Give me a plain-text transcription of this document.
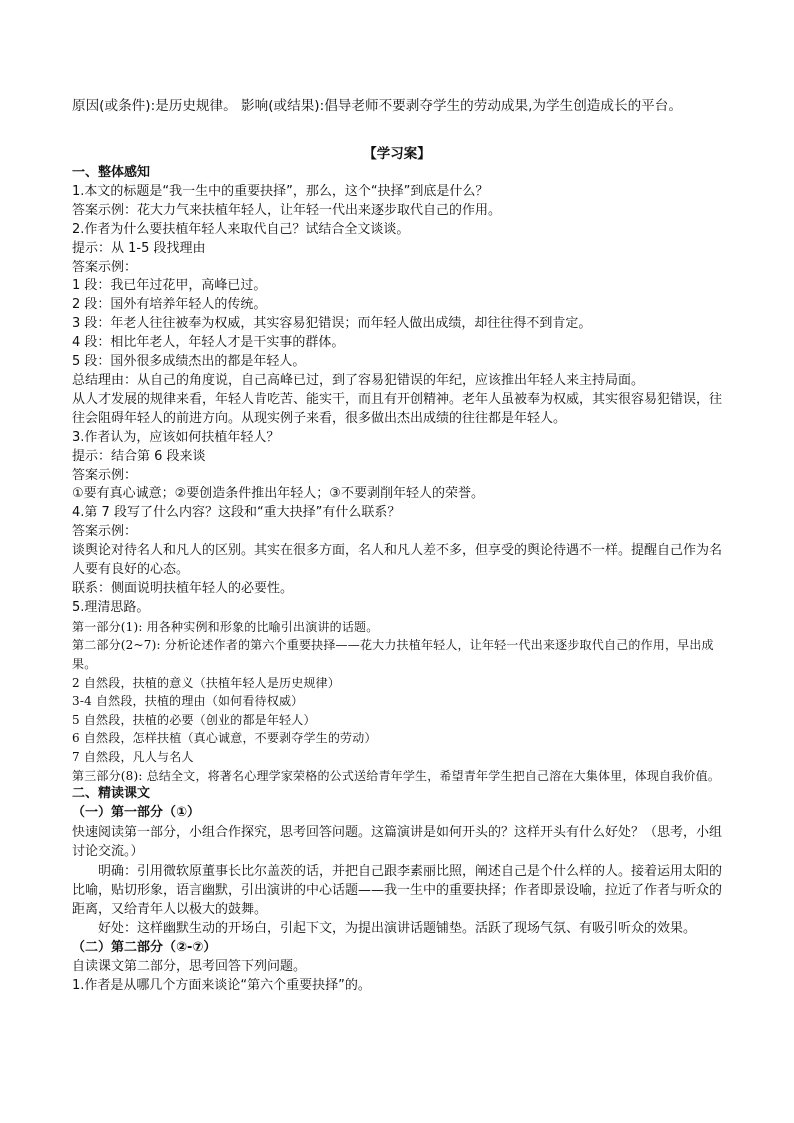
原因(或条件):是历史规律。 影响(或结果):倡导老师不要剥夺学生的劳动成果,为学生创造成长的平台。
【学习案】
一、整体感知
1.本文的标题是“我一生中的重要抉择”，那么，这个“抉择”到底是什么？
答案示例：花大力气来扶植年轻人，让年轻一代出来逐步取代自己的作用。
2.作者为什么要扶植年轻人来取代自己？试结合全文谈谈。
提示：从 1-5 段找理由
答案示例：
1 段：我已年过花甲，高峰已过。
2 段：国外有培养年轻人的传统。
3 段：年老人往往被奉为权威，其实容易犯错误；而年轻人做出成绩，却往往得不到肯定。
4 段：相比年老人，年轻人才是干实事的群体。
5 段：国外很多成绩杰出的都是年轻人。
总结理由：从自己的角度说，自己高峰已过，到了容易犯错误的年纪，应该推出年轻人来主持局面。
从人才发展的规律来看，年轻人肯吃苦、能实干，而且有开创精神。老年人虽被奉为权威，其实很容易犯错误，往往会阻碍年轻人的前进方向。从现实例子来看，很多做出杰出成绩的往往都是年轻人。
3.作者认为，应该如何扶植年轻人？
提示：结合第 6 段来谈
答案示例：
①要有真心诚意；②要创造条件推出年轻人；③不要剥削年轻人的荣誉。
4.第 7 段写了什么内容？这段和“重大抉择”有什么联系？
答案示例：
谈舆论对待名人和凡人的区别。其实在很多方面，名人和凡人差不多，但享受的舆论待遇不一样。提醒自己作为名人要有良好的心态。
联系：侧面说明扶植年轻人的必要性。
5.理清思路。
第一部分(1): 用各种实例和形象的比喻引出演讲的话题。
第二部分(2~7): 分析论述作者的第六个重要抉择——花大力扶植年轻人，让年轻一代出来逐步取代自己的作用，早出成果。
2 自然段，扶植的意义（扶植年轻人是历史规律）
3-4 自然段，扶植的理由（如何看待权威）
5 自然段，扶植的必要（创业的都是年轻人）
6 自然段，怎样扶植（真心诚意，不要剥夺学生的劳动）
7 自然段，凡人与名人
第三部分(8): 总结全文，将著名心理学家荣格的公式送给青年学生，希望青年学生把自己溶在大集体里，体现自我价值。
二、精读课文
（一）第一部分（①）
快速阅读第一部分，小组合作探究，思考回答问题。这篇演讲是如何开头的？这样开头有什么好处？（思考，小组讨论交流。）
明确：引用微软原董事长比尔盖茨的话，并把自己跟李素丽比照，阐述自己是个什么样的人。接着运用太阳的比喻，贴切形象，语言幽默，引出演讲的中心话题——我一生中的重要抉择；作者即景设喻，拉近了作者与听众的距离，又给青年人以极大的鼓舞。
好处：这样幽默生动的开场白，引起下文，为提出演讲话题铺垫。活跃了现场气氛、有吸引听众的效果。
（二）第二部分（②-⑦）
自读课文第二部分，思考回答下列问题。
1.作者是从哪几个方面来谈论“第六个重要抉择”的。
